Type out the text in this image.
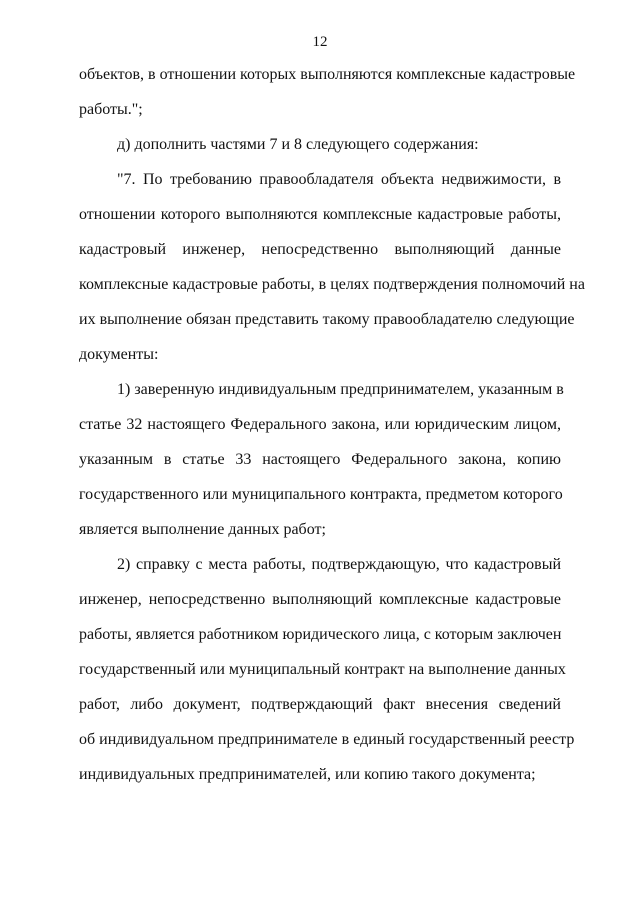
12
объектов, в отношении которых выполняются комплексные кадастровые
работы.";
д) дополнить частями 7 и 8 следующего содержания:
"7. По требованию правообладателя объекта недвижимости, в
отношении которого выполняются комплексные кадастровые работы,
кадастровый инженер, непосредственно выполняющий данные
комплексные кадастровые работы, в целях подтверждения полномочий на
их выполнение обязан представить такому правообладателю следующие
документы:
1) заверенную индивидуальным предпринимателем, указанным в
статье 32 настоящего Федерального закона, или юридическим лицом,
указанным в статье 33 настоящего Федерального закона, копию
государственного или муниципального контракта, предметом которого
является выполнение данных работ;
2) справку с места работы, подтверждающую, что кадастровый
инженер, непосредственно выполняющий комплексные кадастровые
работы, является работником юридического лица, с которым заключен
государственный или муниципальный контракт на выполнение данных
работ, либо документ, подтверждающий факт внесения сведений
об индивидуальном предпринимателе в единый государственный реестр
индивидуальных предпринимателей, или копию такого документа;
